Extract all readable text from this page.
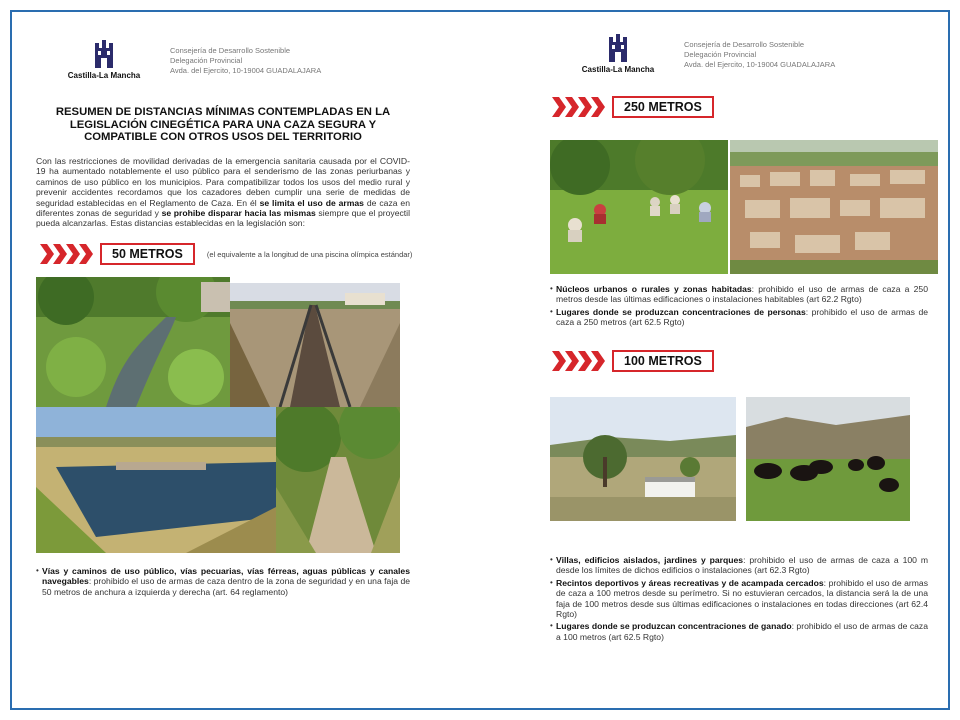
Castilla-La Mancha
Consejería de Desarrollo Sostenible
Delegación Provincial
Avda. del Ejercito, 10-19004 GUADALAJARA
RESUMEN DE DISTANCIAS MÍNIMAS CONTEMPLADAS EN LA
LEGISLACIÓN CINEGÉTICA PARA UNA CAZA SEGURA Y
COMPATIBLE CON OTROS USOS DEL TERRITORIO
Con las restricciones de movilidad derivadas de la emergencia sanitaria causada por el COVID-19 ha aumentado notablemente el uso público para el senderismo de las zonas periurbanas y caminos de uso público en los municipios. Para compatibilizar todos los usos del medio rural y prevenir accidentes recordamos que los cazadores deben cumplir una serie de medidas de seguridad establecidas en el Reglamento de Caza. En él se limita el uso de armas de caza en diferentes zonas de seguridad y se prohibe disparar hacia las mismas siempre que el proyectil pueda alcanzarlas. Estas distancias establecidas en la legislación son:
50 METROS	(el equivalente a la longitud de una piscina olímpica estándar)
• Vías y caminos de uso público, vías pecuarias, vías férreas, aguas públicas y canales navegables: prohibido el uso de armas de caza dentro de la zona de seguridad y en una faja de 50 metros de anchura a izquierda y derecha (art. 64 reglamento)
Castilla-La Mancha
Consejería de Desarrollo Sostenible
Delegación Provincial
Avda. del Ejercito, 10-19004 GUADALAJARA
250 METROS
• Núcleos urbanos o rurales y zonas habitadas: prohibido el uso de armas de caza a 250 metros desde las últimas edificaciones o instalaciones habitables (art 62.2 Rgto)
• Lugares donde se produzcan concentraciones de personas: prohibido el uso de armas de caza a 250 metros (art 62.5 Rgto)
100 METROS
• Villas, edificios aislados, jardines y parques: prohibido el uso de armas de caza a 100 m desde los límites de dichos edificios o instalaciones (art 62.3 Rgto)
• Recintos deportivos y áreas recreativas y de acampada cercados: prohibido el uso de armas de caza a 100 metros desde su perímetro. Si no estuvieran cercados, la distancia será la de una faja de 100 metros desde sus últimas edificaciones o instalaciones en todas direcciones (art 62.4 Rgto)
• Lugares donde se produzcan concentraciones de ganado: prohibido el uso de armas de caza a 100 metros (art 62.5 Rgto)
